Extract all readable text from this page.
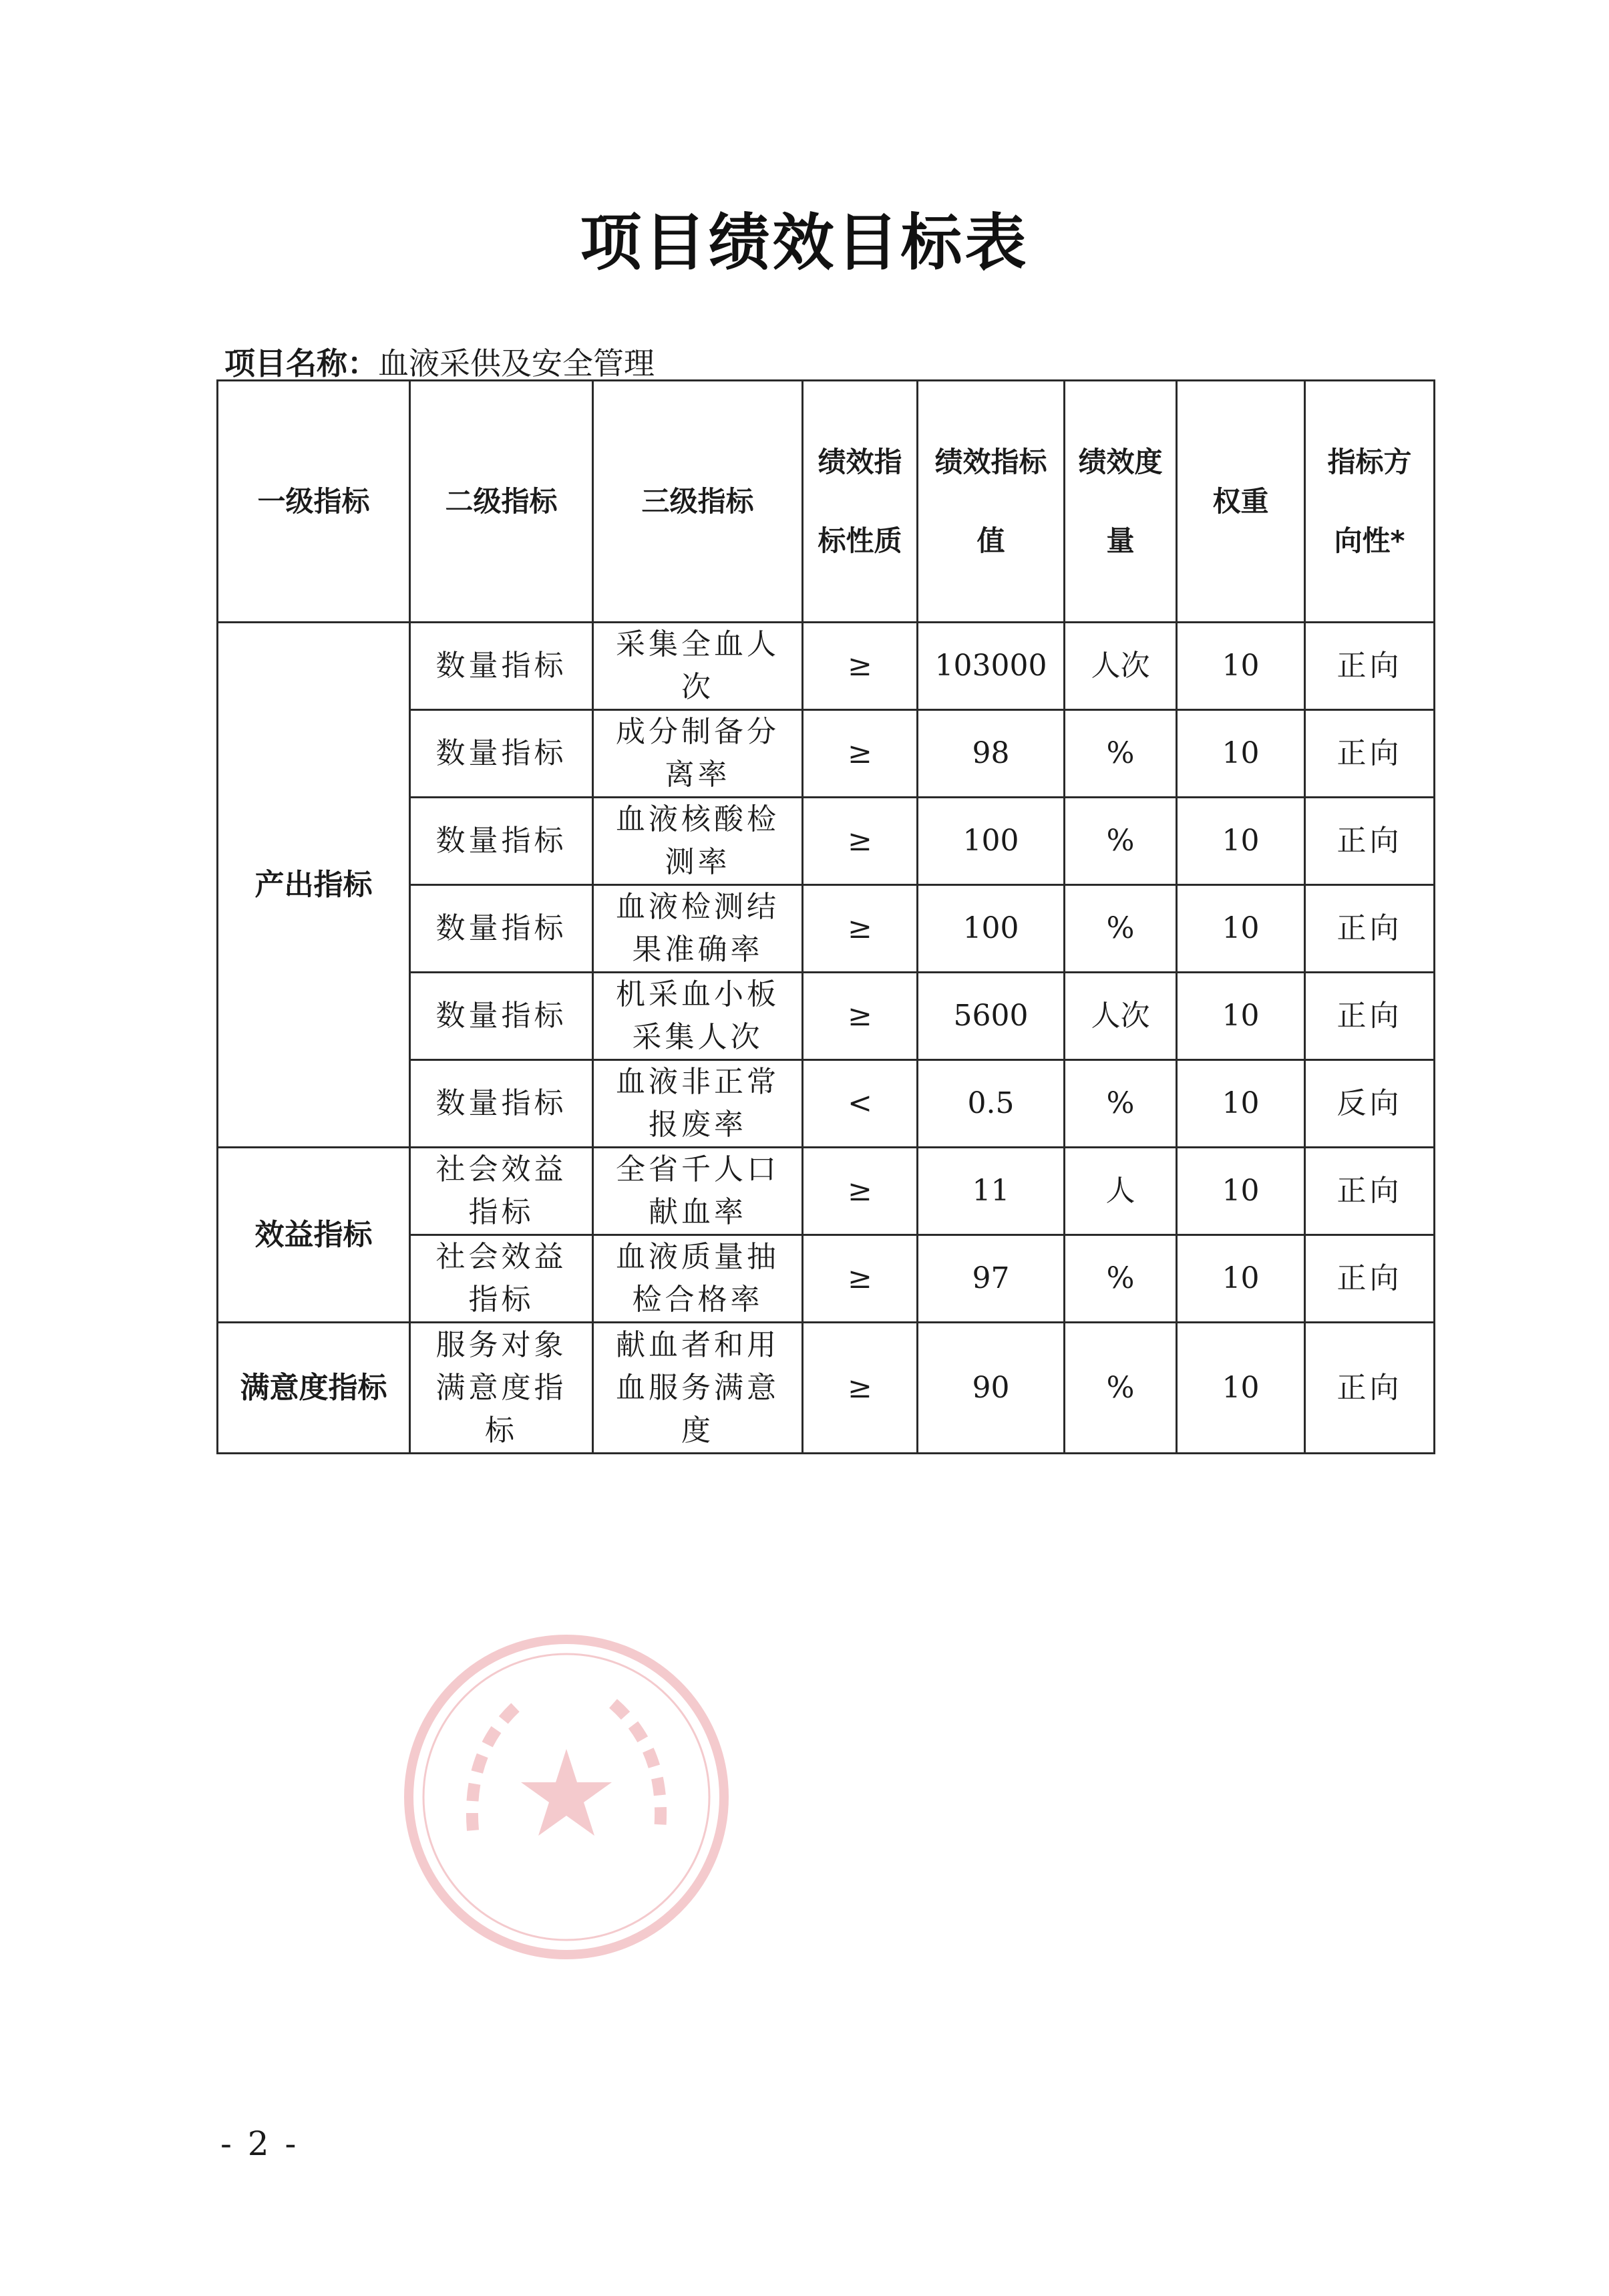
项目绩效目标表
项目名称：血液采供及安全管理
一级指标	二级指标	三级指标	绩效指标性质	绩效指标值	绩效度量	权重	指标方向性*
产出指标	数量指标	采集全血人次	≥	103000	人次	10	正向
	数量指标	成分制备分离率	≥	98	%	10	正向
	数量指标	血液核酸检测率	≥	100	%	10	正向
	数量指标	血液检测结果准确率	≥	100	%	10	正向
	数量指标	机采血小板采集人次	≥	5600	人次	10	正向
	数量指标	血液非正常报废率	<	0.5	%	10	反向
效益指标	社会效益指标	全省千人口献血率	≥	11	人	10	正向
	社会效益指标	血液质量抽检合格率	≥	97	%	10	正向
满意度指标	服务对象满意度指标	献血者和用血服务满意度	≥	90	%	10	正向
- 2 -
